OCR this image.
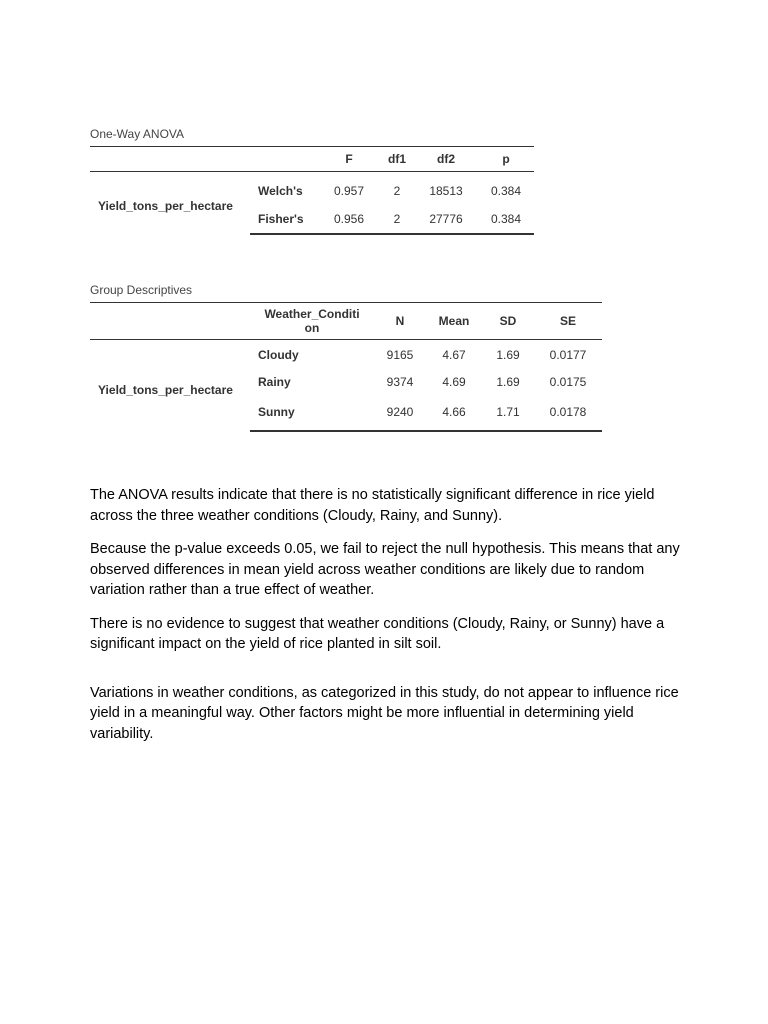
One-Way ANOVA
		F	df1	df2	p
Yield_tons_per_hectare	Welch's	0.957	2	18513	0.384
	Fisher's	0.956	2	27776	0.384
Group Descriptives
	Weather_Condition	N	Mean	SD	SE
Yield_tons_per_hectare	Cloudy	9165	4.67	1.69	0.0177
	Rainy	9374	4.69	1.69	0.0175
	Sunny	9240	4.66	1.71	0.0178

The ANOVA results indicate that there is no statistically significant difference in rice yield across the three weather conditions (Cloudy, Rainy, and Sunny).

Because the p-value exceeds 0.05, we fail to reject the null hypothesis. This means that any observed differences in mean yield across weather conditions are likely due to random variation rather than a true effect of weather.

There is no evidence to suggest that weather conditions (Cloudy, Rainy, or Sunny) have a significant impact on the yield of rice planted in silt soil.

Variations in weather conditions, as categorized in this study, do not appear to influence rice yield in a meaningful way. Other factors might be more influential in determining yield variability.
